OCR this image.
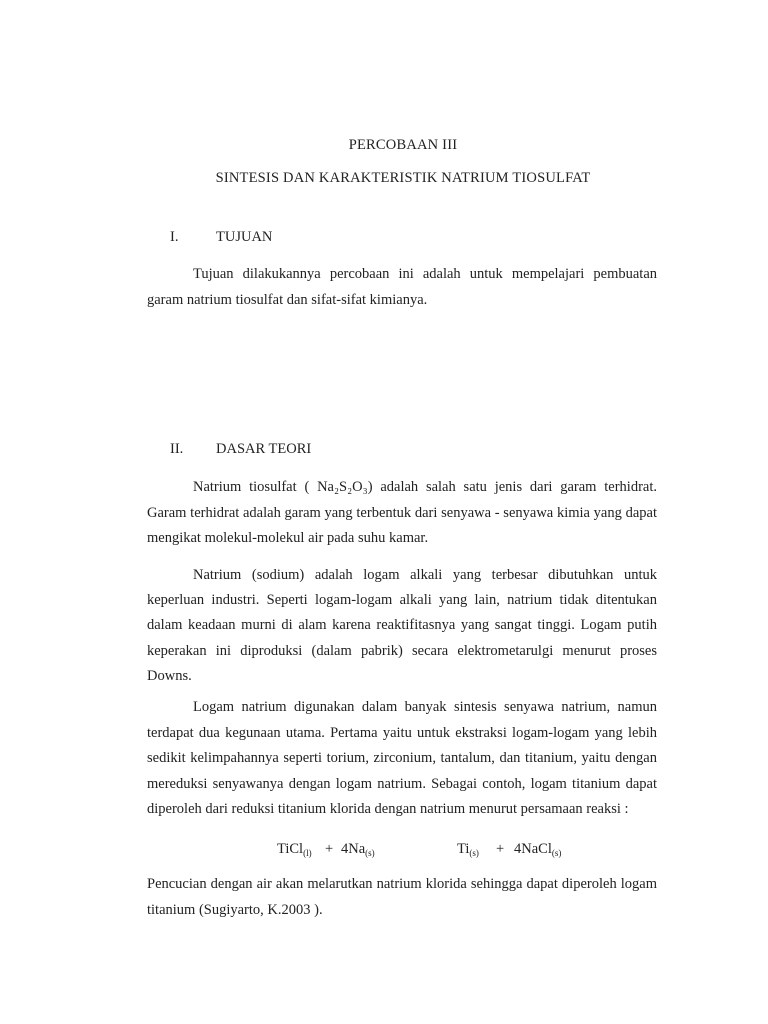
PERCOBAAN III
SINTESIS DAN KARAKTERISTIK NATRIUM TIOSULFAT
I.	TUJUAN

Tujuan dilakukannya percobaan ini adalah untuk mempelajari pembuatan garam natrium tiosulfat dan sifat-sifat kimianya.

II. DASAR TEORI

Natrium tiosulfat ( Na₂S₂O₃) adalah salah satu jenis dari garam terhidrat. Garam terhidrat adalah garam yang terbentuk dari senyawa - senyawa kimia yang dapat mengikat molekul-molekul air pada suhu kamar.

Natrium (sodium) adalah logam alkali yang terbesar dibutuhkan untuk keperluan industri. Seperti logam-logam alkali yang lain, natrium tidak ditentukan dalam keadaan murni di alam karena reaktifitasnya yang sangat tinggi. Logam putih keperakan ini diproduksi (dalam pabrik) secara elektrometarulgi menurut proses Downs.

Logam natrium digunakan dalam banyak sintesis senyawa natrium, namun terdapat dua kegunaan utama. Pertama yaitu untuk ekstraksi logam-logam yang lebih sedikit kelimpahannya seperti torium, zirconium, tantalum, dan titanium, yaitu dengan mereduksi senyawanya dengan logam natrium. Sebagai contoh, logam titanium dapat diperoleh dari reduksi titanium klorida dengan natrium menurut persamaan reaksi :

TiCl$_{(l)}$ + $4Na_{(s)}$	$Ti_{(s)}$ + 4NaCl$_{(s)}$

Pencucian dengan air akan melarutkan natrium klorida sehingga dapat diperoleh logam titanium (Sugiyarto, K.2003 ).
